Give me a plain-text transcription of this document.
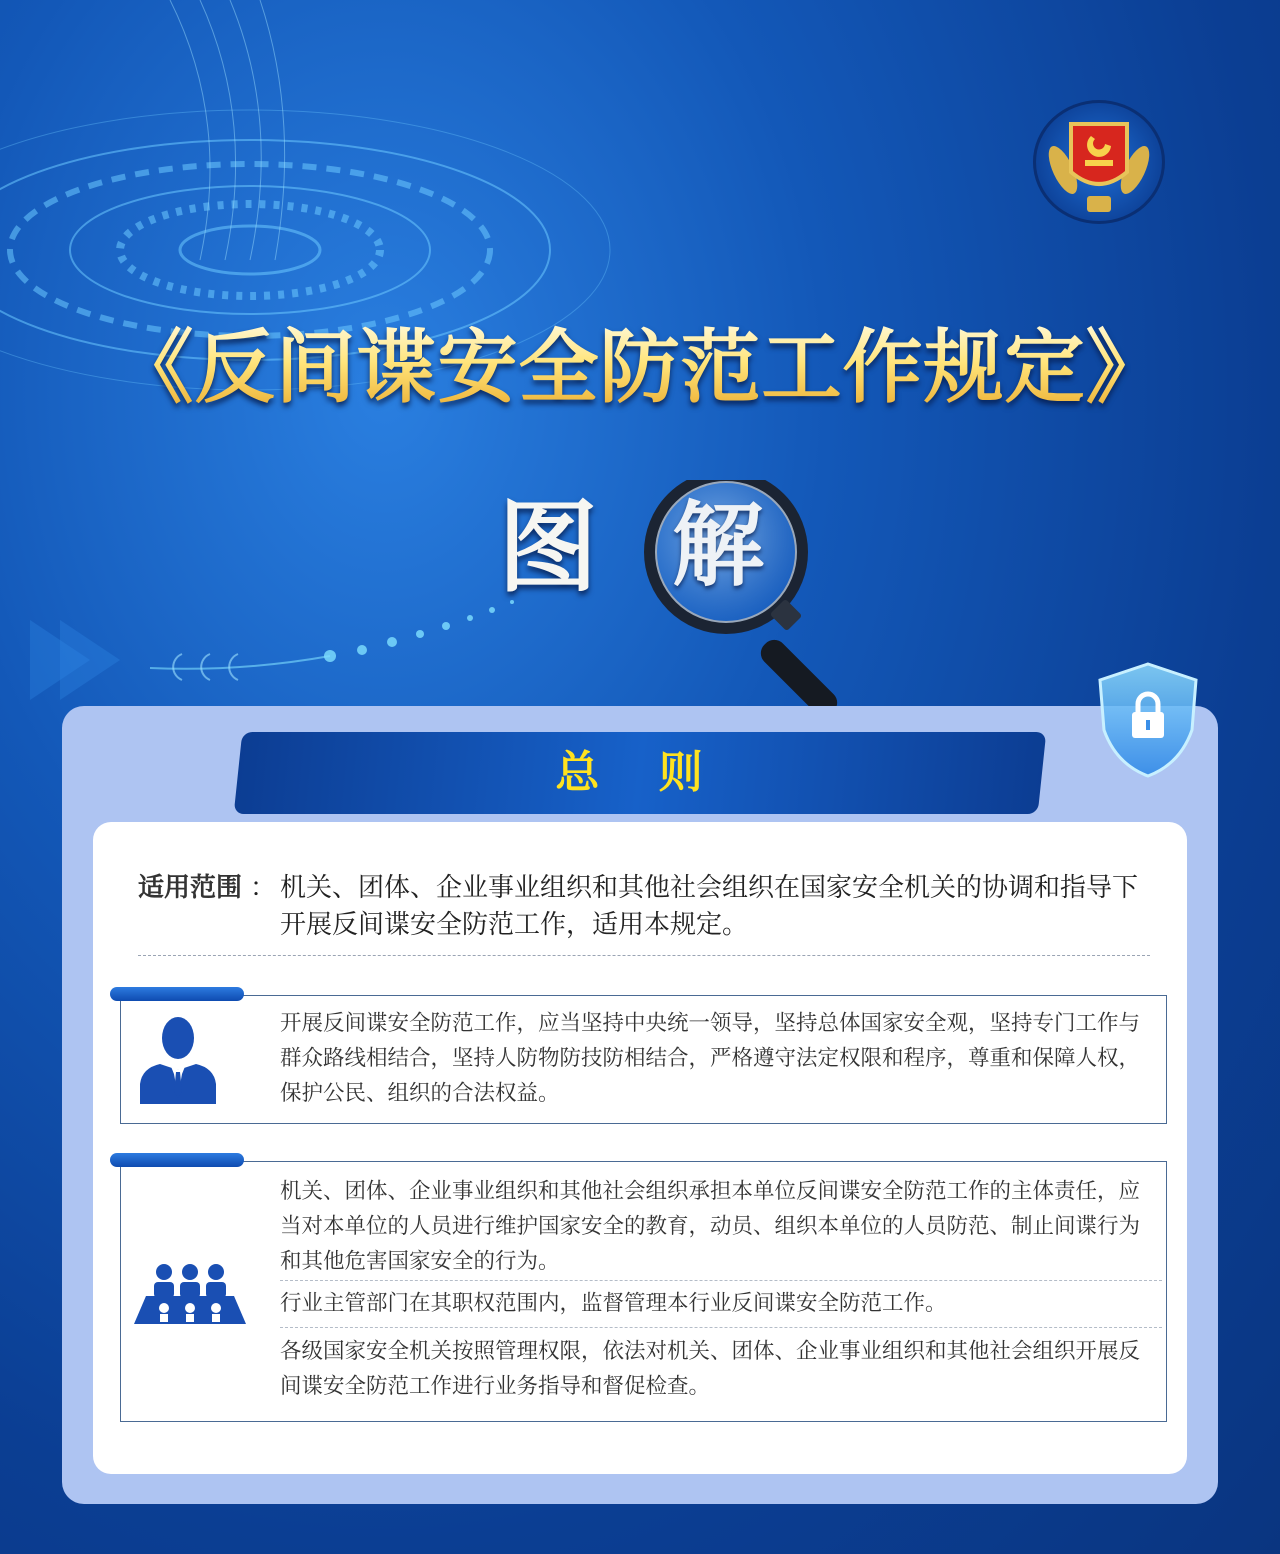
《反间谍安全防范工作规定》
图 解
总 则
适用范围 ： 机关、团体、企业事业组织和其他社会组织在国家安全机关的协调和指导下开展反间谍安全防范工作，适用本规定。
开展反间谍安全防范工作，应当坚持中央统一领导，坚持总体国家安全观，坚持专门工作与群众路线相结合，坚持人防物防技防相结合，严格遵守法定权限和程序，尊重和保障人权，保护公民、组织的合法权益。
机关、团体、企业事业组织和其他社会组织承担本单位反间谍安全防范工作的主体责任，应当对本单位的人员进行维护国家安全的教育，动员、组织本单位的人员防范、制止间谍行为和其他危害国家安全的行为。
行业主管部门在其职权范围内，监督管理本行业反间谍安全防范工作。
各级国家安全机关按照管理权限，依法对机关、团体、企业事业组织和其他社会组织开展反间谍安全防范工作进行业务指导和督促检查。
